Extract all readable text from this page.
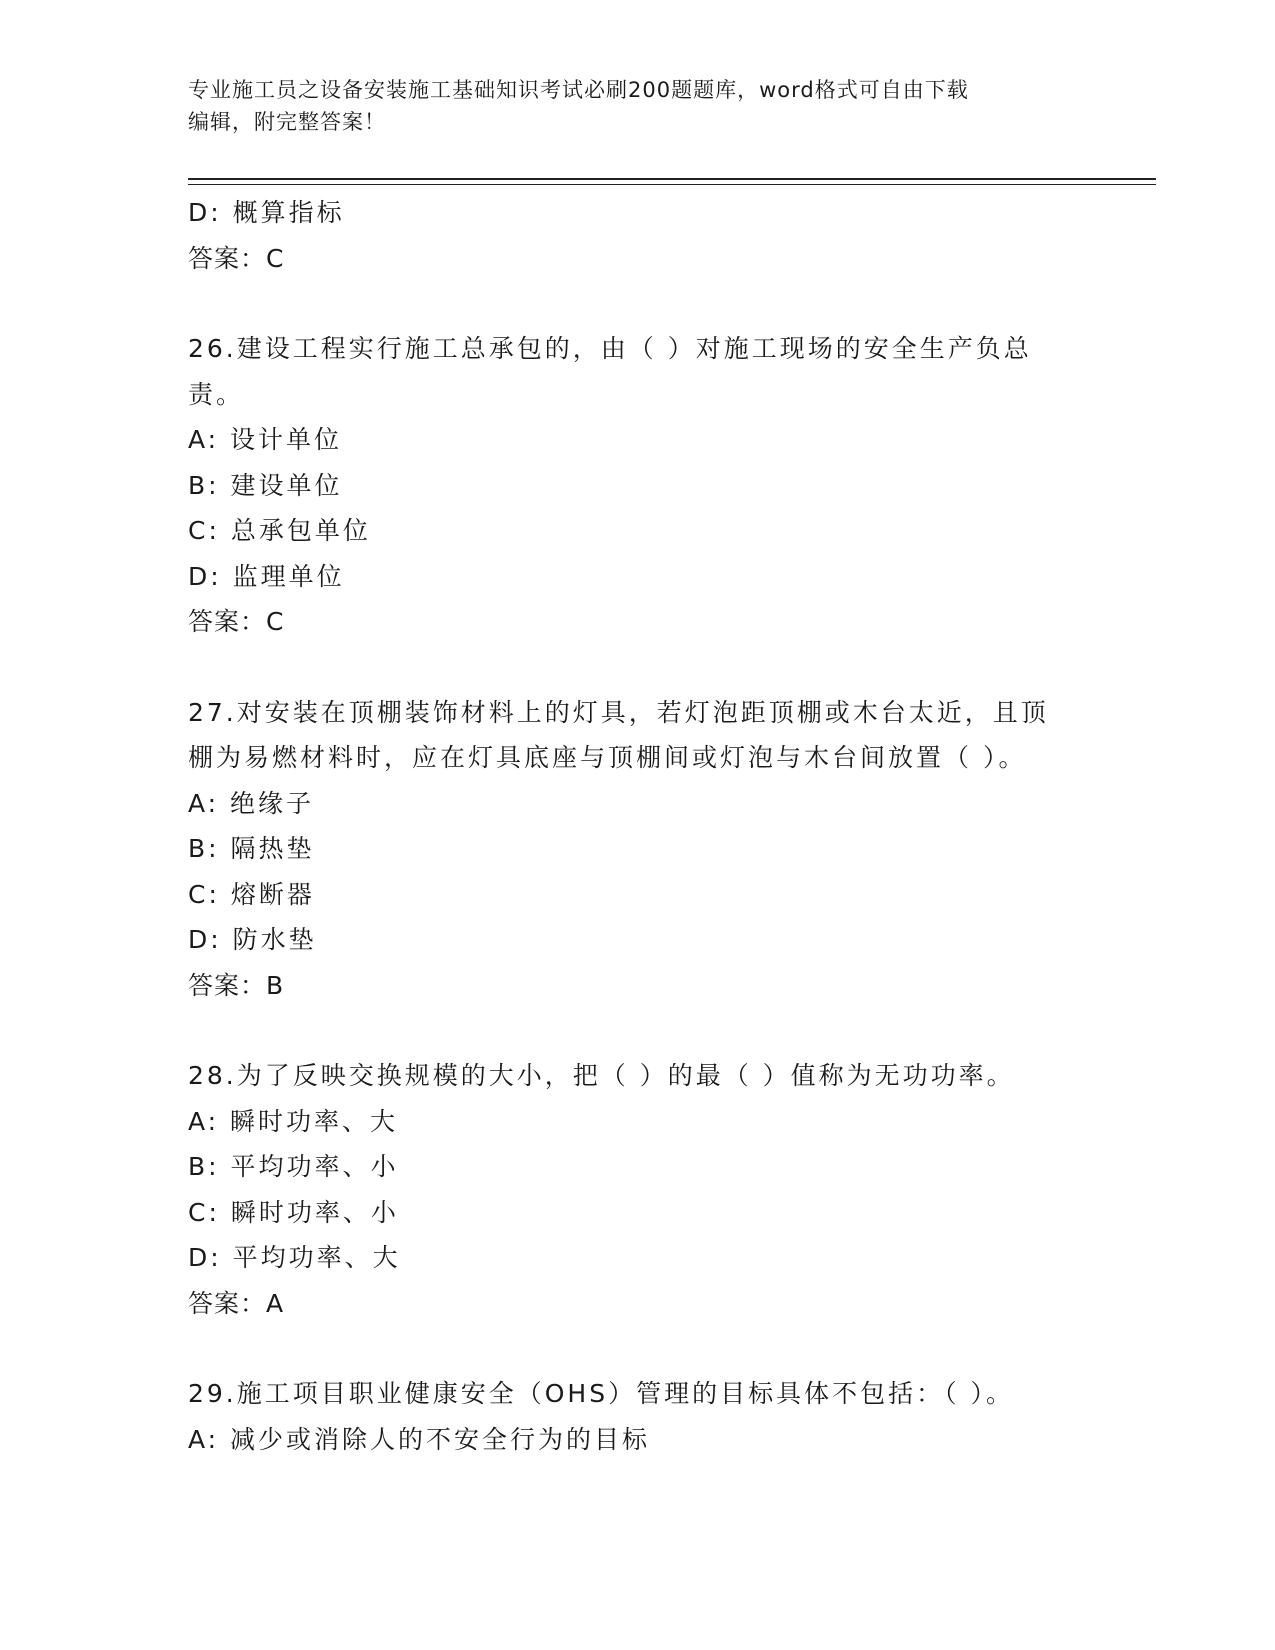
专业施工员之设备安装施工基础知识考试必刷200题题库，word格式可自由下载
编辑，附完整答案！

D: 概算指标

答案：C

26.建设工程实行施工总承包的，由（ ）对施工现场的安全生产负总

责。

A: 设计单位

B: 建设单位

C: 总承包单位

D: 监理单位

答案：C

27.对安装在顶棚装饰材料上的灯具，若灯泡距顶棚或木台太近，且顶

棚为易燃材料时，应在灯具底座与顶棚间或灯泡与木台间放置（ ）。

A: 绝缘子

B: 隔热垫

C: 熔断器

D: 防水垫

答案：B

28.为了反映交换规模的大小，把（ ）的最（ ）值称为无功功率。

A: 瞬时功率、大

B: 平均功率、小

C: 瞬时功率、小

D: 平均功率、大

答案：A

29.施工项目职业健康安全（OHS）管理的目标具体不包括：（ ）。

A: 减少或消除人的不安全行为的目标
